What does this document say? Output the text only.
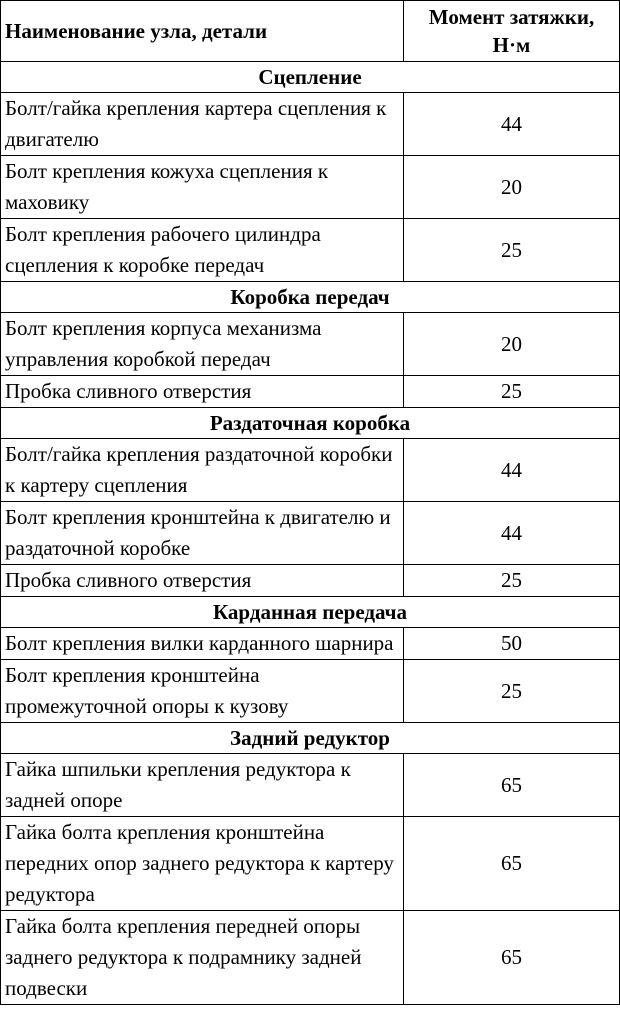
Наименование узла, детали	Момент затяжки, Н·м
Сцепление	
Болт/гайка крепления картера сцепления к двигателю	44
Болт крепления кожуха сцепления к маховику	20
Болт крепления рабочего цилиндра сцепления к коробке передач	25
Коробка передач	
Болт крепления корпуса механизма управления коробкой передач	20
Пробка сливного отверстия	25
Раздаточная коробка	
Болт/гайка крепления раздаточной коробки к картеру сцепления	44
Болт крепления кронштейна к двигателю и раздаточной коробке	44
Пробка сливного отверстия	25
Карданная передача	
Болт крепления вилки карданного шарнира	50
Болт крепления кронштейна промежуточной опоры к кузову	25
Задний редуктор	
Гайка шпильки крепления редуктора к задней опоре	65
Гайка болта крепления кронштейна передних опор заднего редуктора к картеру редуктора	65
Гайка болта крепления передней опоры заднего редуктора к подрамнику задней подвески	65
